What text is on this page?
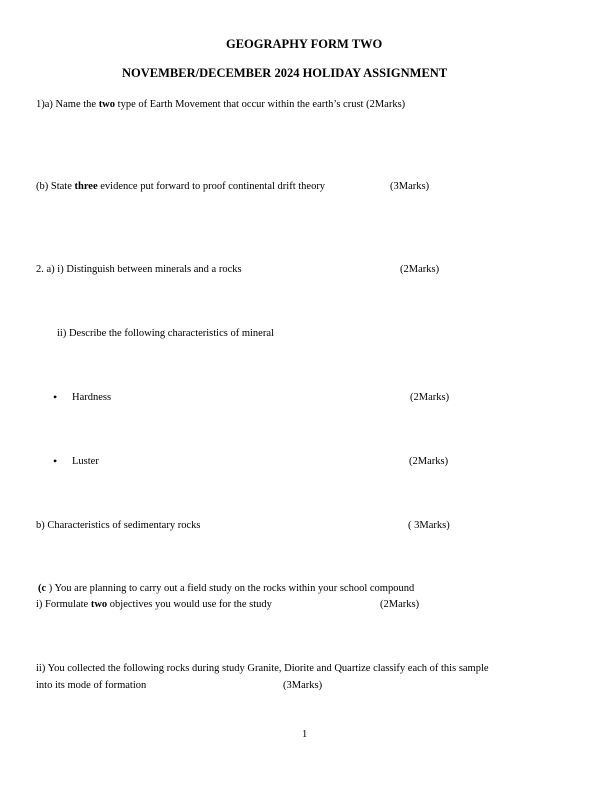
GEOGRAPHY FORM TWO
NOVEMBER/DECEMBER 2024 HOLIDAY ASSIGNMENT
1)a) Name the two type of Earth Movement that occur within the earth’s crust (2Marks)
(b) State three evidence put forward to proof continental drift theory	(3Marks)
2. a) i) Distinguish between minerals and a rocks	(2Marks)
ii) Describe the following characteristics of mineral
• Hardness	(2Marks)
• Luster	(2Marks)
b) Characteristics of sedimentary rocks	( 3Marks)
(c ) You are planning to carry out a field study on the rocks within your school compound
i) Formulate two objectives you would use for the study	(2Marks)
ii) You collected the following rocks during study Granite, Diorite and Quartize classify each of this sample
into its mode of formation	(3Marks)
1
